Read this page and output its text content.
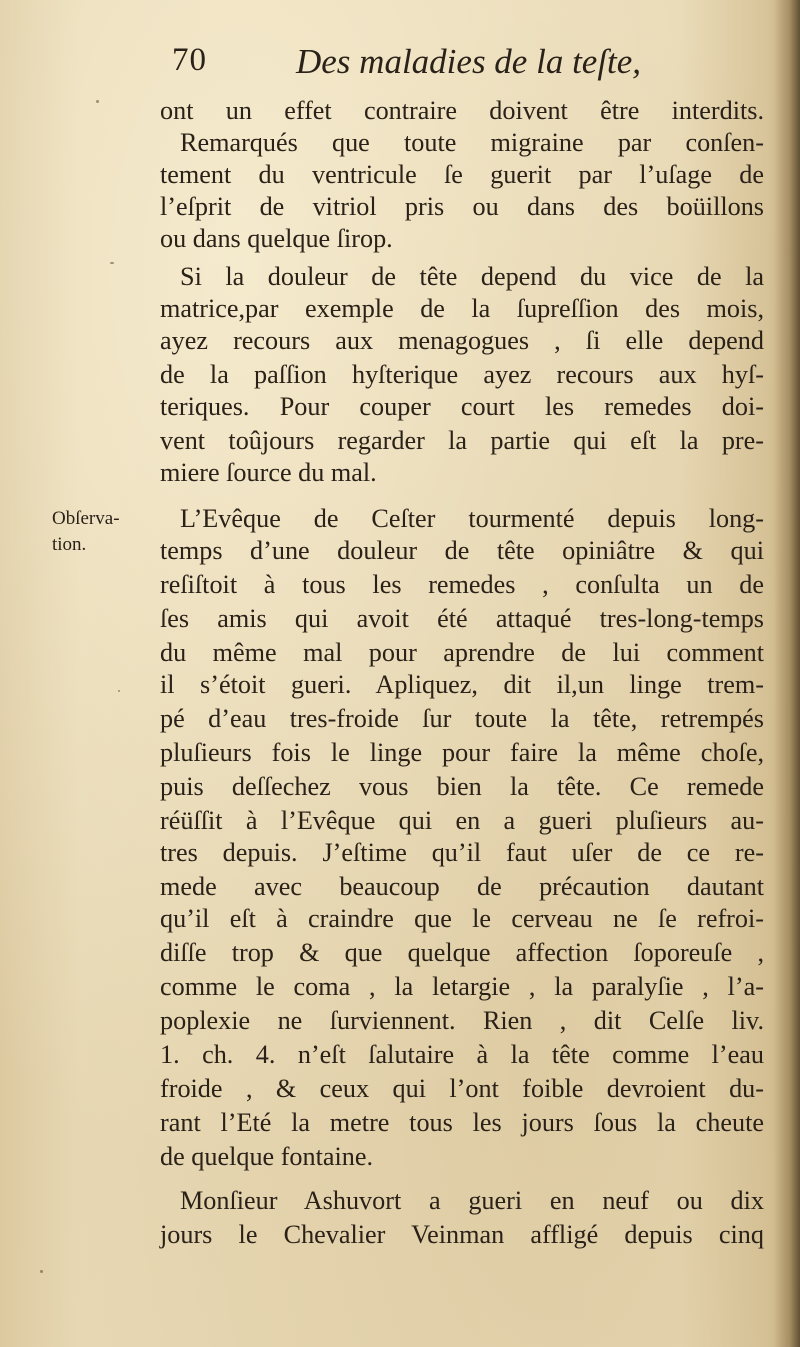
70	Des maladies de la teſte,
Obſerva-
tion.
ont un effet contraire doivent être interdits.
Remarqués que toute migraine par conſen-
tement du ventricule ſe guerit par l’uſage de
l’eſprit de vitriol pris ou dans des boüillons
ou dans quelque ſirop.
Si la douleur de tête depend du vice de la
matrice,par exemple de la ſupreſſion des mois,
ayez recours aux menagogues , ſi elle depend
de la paſſion hyſterique ayez recours aux hyſ-
teriques. Pour couper court les remedes doi-
vent toûjours regarder la partie qui eſt la pre-
miere ſource du mal.
L’Evêque de Ceſter tourmenté depuis long-
temps d’une douleur de tête opiniâtre & qui
reſiſtoit à tous les remedes , conſulta un de
ſes amis qui avoit été attaqué tres-long-temps
du même mal pour aprendre de lui comment
il s’étoit gueri. Apliquez, dit il,un linge trem-
pé d’eau tres-froide ſur toute la tête, retrempés
pluſieurs fois le linge pour faire la même choſe,
puis deſſechez vous bien la tête. Ce remede
réüſſit à l’Evêque qui en a gueri pluſieurs au-
tres depuis. J’eſtime qu’il faut uſer de ce re-
mede avec beaucoup de précaution dautant
qu’il eſt à craindre que le cerveau ne ſe refroi-
diſſe trop & que quelque affection ſoporeuſe ,
comme le coma , la letargie , la paralyſie , l’a-
poplexie ne ſurviennent. Rien , dit Celſe liv.
1. ch. 4. n’eſt ſalutaire à la tête comme l’eau
froide , & ceux qui l’ont foible devroient du-
rant l’Eté la metre tous les jours ſous la cheute
de quelque fontaine.
Monſieur Ashuvort a gueri en neuf ou dix
jours le Chevalier Veinman affligé depuis cinq
